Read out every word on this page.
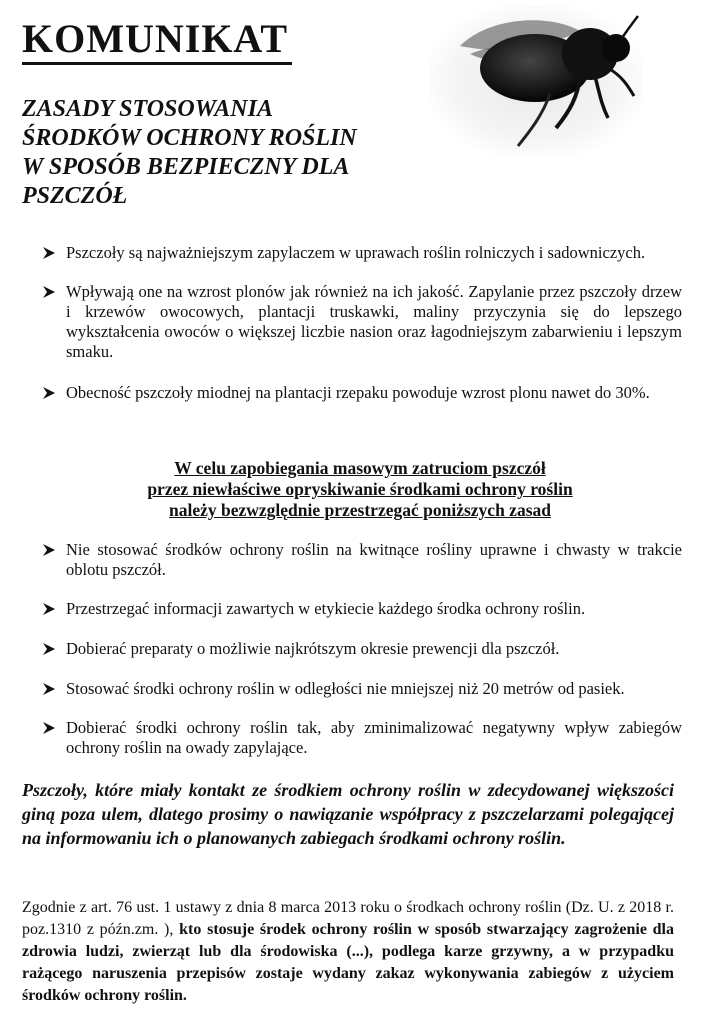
KOMUNIKAT
ZASADY STOSOWANIA
ŚRODKÓW OCHRONY ROŚLIN
W SPOSÓB BEZPIECZNY DLA
PSZCZÓŁ
Pszczoły są najważniejszym zapylaczem w uprawach roślin rolniczych i sadowniczych.
Wpływają one na wzrost plonów jak również na ich jakość. Zapylanie przez pszczoły drzew i krzewów owocowych, plantacji truskawki, maliny przyczynia się do lepszego wykształcenia owoców o większej liczbie nasion oraz łagodniejszym zabarwieniu i lepszym smaku.
Obecność pszczoły miodnej na plantacji rzepaku powoduje wzrost plonu nawet do 30%.
W celu zapobiegania masowym zatruciom pszczół
przez niewłaściwe opryskiwanie środkami ochrony roślin
należy bezwzględnie przestrzegać poniższych zasad
Nie stosować środków ochrony roślin na kwitnące rośliny uprawne i chwasty w trakcie oblotu pszczół.
Przestrzegać informacji zawartych w etykiecie każdego środka ochrony roślin.
Dobierać preparaty o możliwie najkrótszym okresie prewencji dla pszczół.
Stosować środki ochrony roślin w odległości nie mniejszej niż 20 metrów od pasiek.
Dobierać środki ochrony roślin tak, aby zminimalizować negatywny wpływ zabiegów ochrony roślin na owady zapylające.

Pszczoły, które miały kontakt ze środkiem ochrony roślin w zdecydowanej większości giną poza ulem, dlatego prosimy o nawiązanie współpracy z pszczelarzami polegającej na informowaniu ich o planowanych zabiegach środkami ochrony roślin.

Zgodnie z art. 76 ust. 1 ustawy z dnia 8 marca 2013 roku o środkach ochrony roślin (Dz. U. z 2018 r. poz.1310 z późn.zm. ), kto stosuje środek ochrony roślin w sposób stwarzający zagrożenie dla zdrowia ludzi, zwierząt lub dla środowiska (...), podlega karze grzywny, a w przypadku rażącego naruszenia przepisów zostaje wydany zakaz wykonywania zabiegów z użyciem środków ochrony roślin.
